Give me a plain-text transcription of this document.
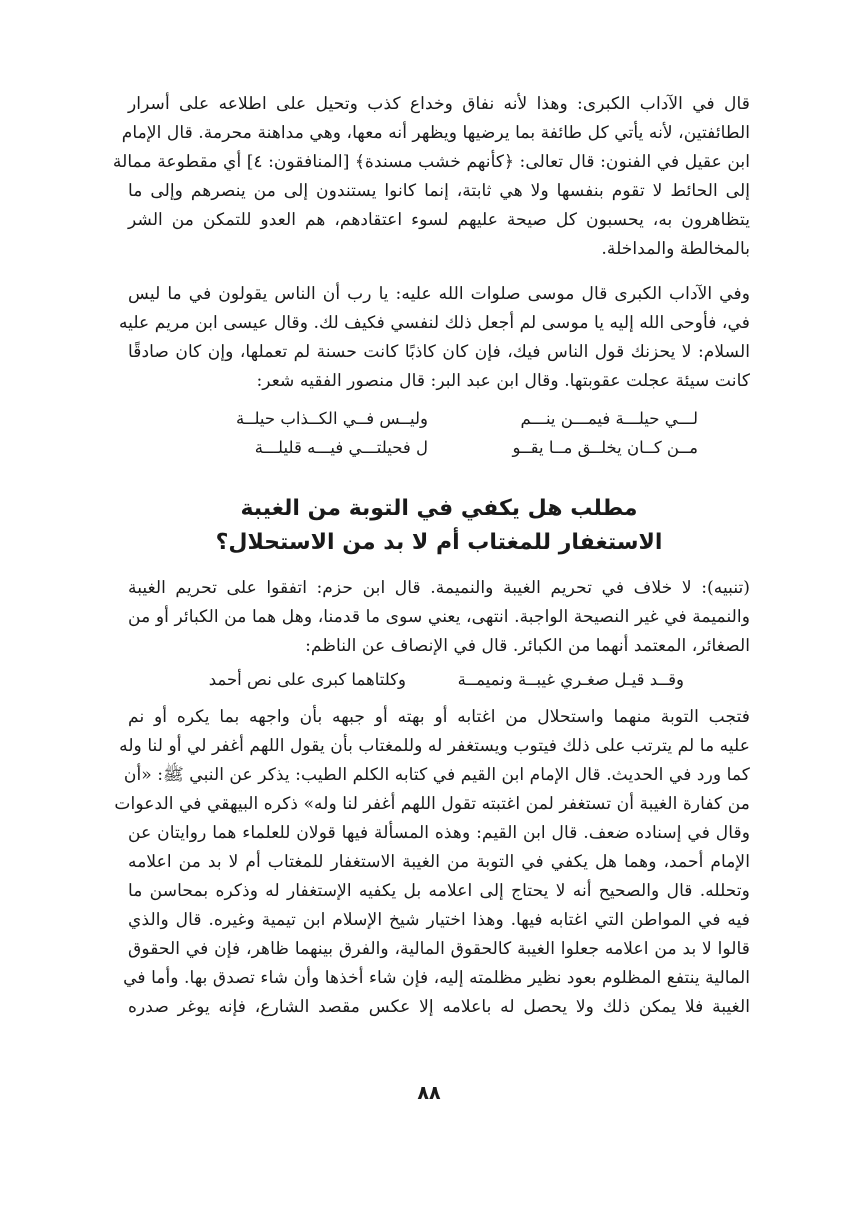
قال في الآداب الكبرى: وهذا لأنه نفاق وخداع كذب وتحيل على اطلاعه على أسرار
الطائفتين، لأنه يأتي كل طائفة بما يرضيها ويظهر أنه معها، وهي مداهنة محرمة. قال الإمام
ابن عقيل في الفنون: قال تعالى: ﴿كأنهم خشب مسندة﴾ [المنافقون: ٤] أي مقطوعة ممالة
إلى الحائط لا تقوم بنفسها ولا هي ثابتة، إنما كانوا يستندون إلى من ينصرهم وإلى ما
يتظاهرون به، يحسبون كل صيحة عليهم لسوء اعتقادهم، هم العدو للتمكن من الشر
بالمخالطة والمداخلة.
وفي الآداب الكبرى قال موسى صلوات الله عليه: يا رب أن الناس يقولون في ما ليس
في، فأوحى الله إليه يا موسى لم أجعل ذلك لنفسي فكيف لك. وقال عيسى ابن مريم عليه
السلام: لا يحزنك قول الناس فيك، فإن كان كاذبًا كانت حسنة لم تعملها، وإن كان صادقًا
كانت سيئة عجلت عقوبتها. وقال ابن عبد البر: قال منصور الفقيه شعر:
لـــي حيلـــة فيمـــن ينـــم
وليــس فــي الكــذاب حيلــة
مــن كــان يخلــق مــا يقــو
ل فحيلتـــي فيـــه قليلـــة
مطلب هل يكفي في التوبة من الغيبة
الاستغفار للمغتاب أم لا بد من الاستحلال؟
(تنبيه): لا خلاف في تحريم الغيبة والنميمة. قال ابن حزم: اتفقوا على تحريم الغيبة
والنميمة في غير النصيحة الواجبة. انتهى، يعني سوى ما قدمنا، وهل هما من الكبائر أو من
الصغائر، المعتمد أنهما من الكبائر. قال في الإنصاف عن الناظم:
وقــد قيـل صغـري غيبــة ونميمــة
وكلتاهما كبرى على نص أحمد
فتجب التوبة منهما واستحلال من اغتابه أو بهته أو جبهه بأن واجهه بما يكره أو نم
عليه ما لم يترتب على ذلك فيتوب ويستغفر له وللمغتاب بأن يقول اللهم أغفر لي أو لنا وله
كما ورد في الحديث. قال الإمام ابن القيم في كتابه الكلم الطيب: يذكر عن النبي ﷺ: «أن
من كفارة الغيبة أن تستغفر لمن اغتبته تقول اللهم أغفر لنا وله» ذكره البيهقي في الدعوات
وقال في إسناده ضعف. قال ابن القيم: وهذه المسألة فيها قولان للعلماء هما روايتان عن
الإمام أحمد، وهما هل يكفي في التوبة من الغيبة الاستغفار للمغتاب أم لا بد من اعلامه
وتحلله. قال والصحيح أنه لا يحتاج إلى اعلامه بل يكفيه الإستغفار له وذكره بمحاسن ما
فيه في المواطن التي اغتابه فيها. وهذا اختيار شيخ الإسلام ابن تيمية وغيره. قال والذي
قالوا لا بد من اعلامه جعلوا الغيبة كالحقوق المالية، والفرق بينهما ظاهر، فإن في الحقوق
المالية ينتفع المظلوم بعود نظير مظلمته إليه، فإن شاء أخذها وأن شاء تصدق بها. وأما في
الغيبة فلا يمكن ذلك ولا يحصل له باعلامه إلا عكس مقصد الشارع، فإنه يوغر صدره
٨٨
